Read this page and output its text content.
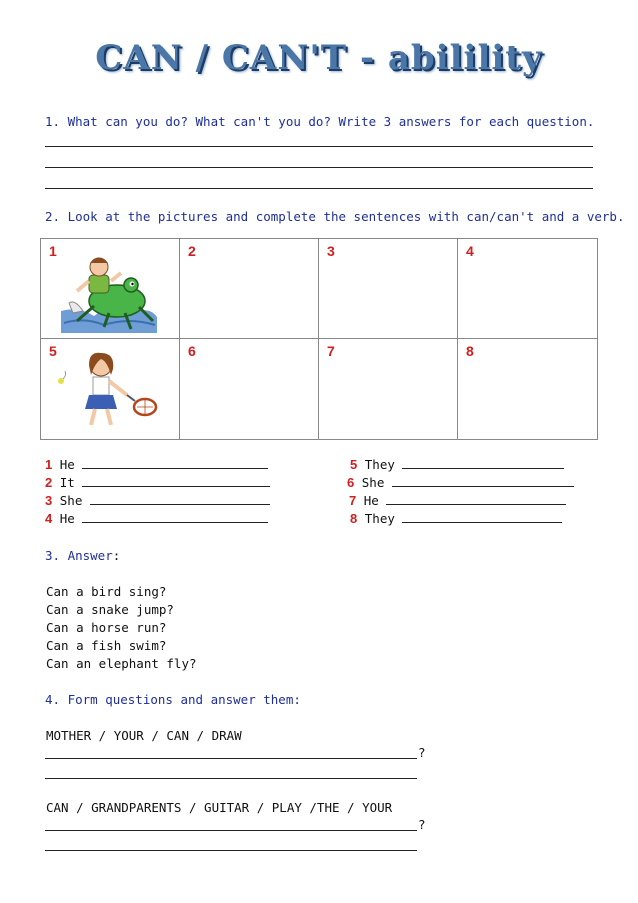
CAN / CAN'T - abilility
1. What can you do? What can't you do? Write 3 answers for each question.
2. Look at the pictures and complete the sentences with can/can't and a verb.
1	2	3	4
5	6	7	8
1 He
2 It
3 She
4 He
5 They
6 She
7 He
8 They
3. Answer:
Can a bird sing?
Can a snake jump?
Can a horse run?
Can a fish swim?
Can an elephant fly?
4. Form questions and answer them:
MOTHER / YOUR / CAN / DRAW
?
CAN / GRANDPARENTS / GUITAR / PLAY /THE / YOUR
?
